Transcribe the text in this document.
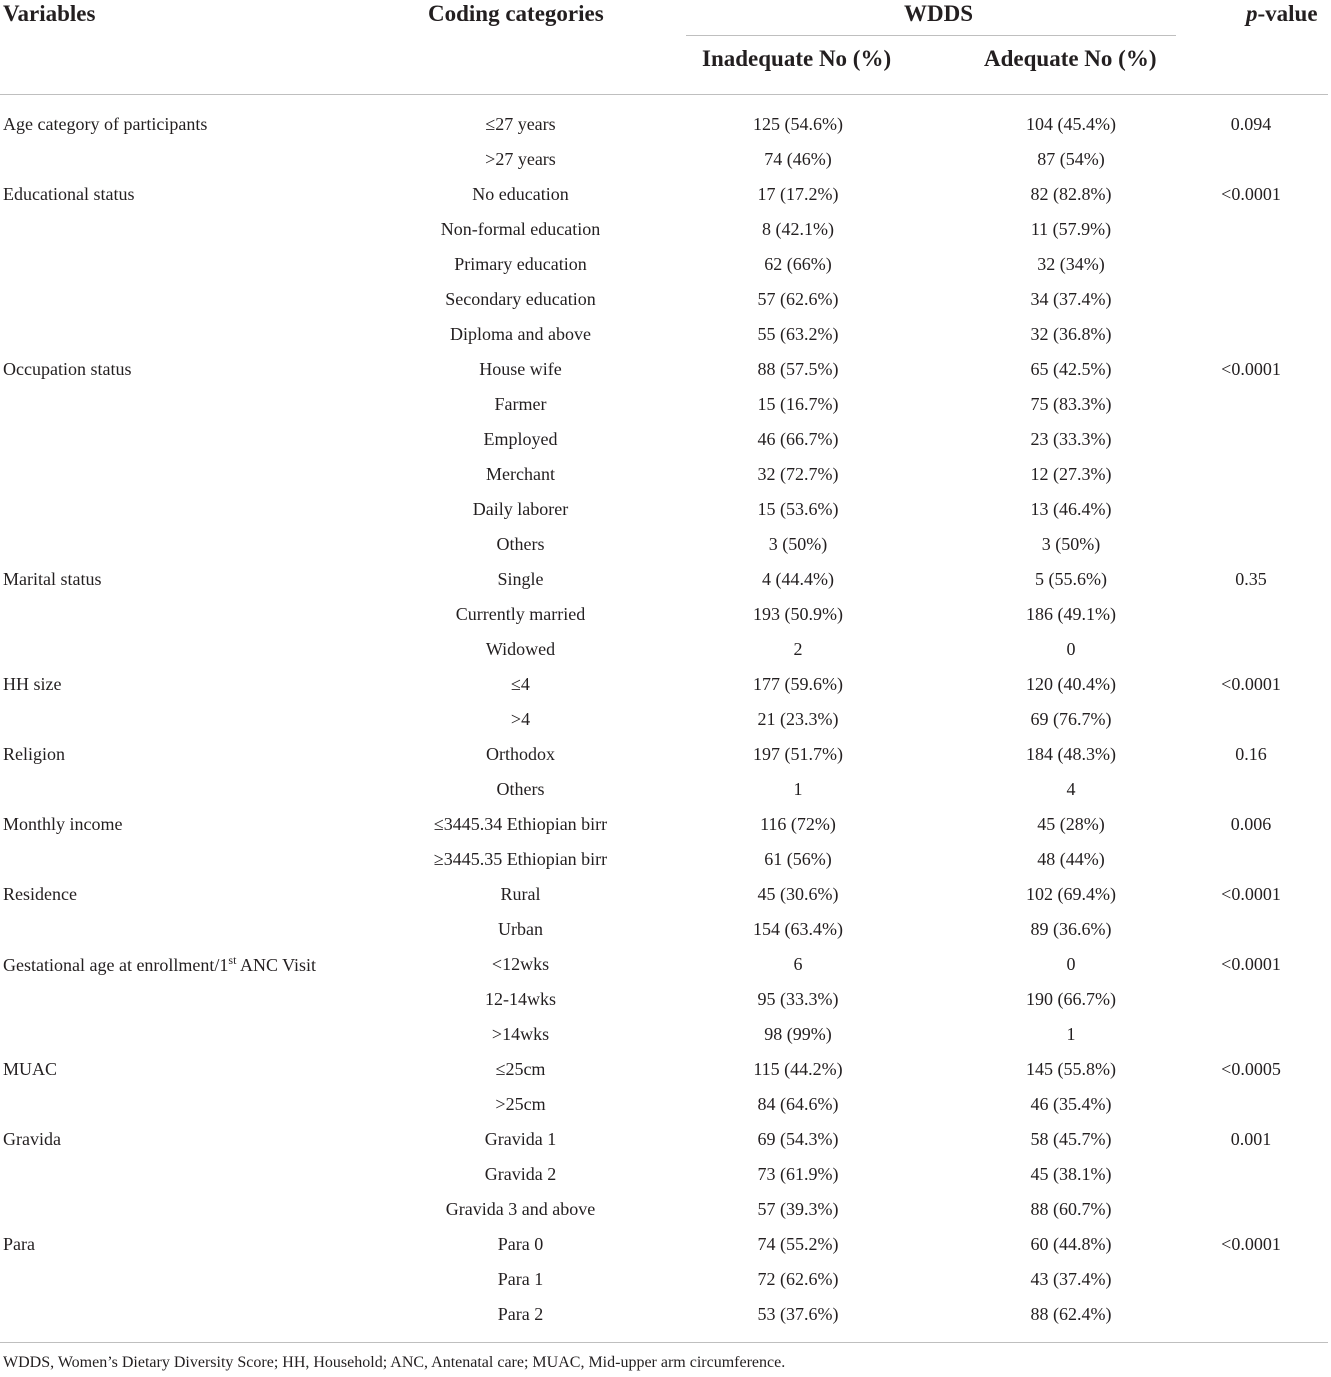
Variables	Coding categories	WDDS	p-value
Inadequate No (%)	Adequate No (%)
Age category of participants	≤27 years	125 (54.6%)	104 (45.4%)	0.094
	>27 years	74 (46%)	87 (54%)	
Educational status	No education	17 (17.2%)	82 (82.8%)	<0.0001
	Non-formal education	8 (42.1%)	11 (57.9%)	
	Primary education	62 (66%)	32 (34%)	
	Secondary education	57 (62.6%)	34 (37.4%)	
	Diploma and above	55 (63.2%)	32 (36.8%)	
Occupation status	House wife	88 (57.5%)	65 (42.5%)	<0.0001
	Farmer	15 (16.7%)	75 (83.3%)	
	Employed	46 (66.7%)	23 (33.3%)	
	Merchant	32 (72.7%)	12 (27.3%)	
	Daily laborer	15 (53.6%)	13 (46.4%)	
	Others	3 (50%)	3 (50%)	
Marital status	Single	4 (44.4%)	5 (55.6%)	0.35
	Currently married	193 (50.9%)	186 (49.1%)	
	Widowed	2	0	
HH size	≤4	177 (59.6%)	120 (40.4%)	<0.0001
	>4	21 (23.3%)	69 (76.7%)	
Religion	Orthodox	197 (51.7%)	184 (48.3%)	0.16
	Others	1	4	
Monthly income	≤3445.34 Ethiopian birr	116 (72%)	45 (28%)	0.006
	≥3445.35 Ethiopian birr	61 (56%)	48 (44%)	
Residence	Rural	45 (30.6%)	102 (69.4%)	<0.0001
	Urban	154 (63.4%)	89 (36.6%)	
Gestational age at enrollment/1st ANC Visit	<12wks	6	0	<0.0001
	12-14wks	95 (33.3%)	190 (66.7%)	
	>14wks	98 (99%)	1	
MUAC	≤25cm	115 (44.2%)	145 (55.8%)	<0.0005
	>25cm	84 (64.6%)	46 (35.4%)	
Gravida	Gravida 1	69 (54.3%)	58 (45.7%)	0.001
	Gravida 2	73 (61.9%)	45 (38.1%)	
	Gravida 3 and above	57 (39.3%)	88 (60.7%)	
Para	Para 0	74 (55.2%)	60 (44.8%)	<0.0001
	Para 1	72 (62.6%)	43 (37.4%)	
	Para 2	53 (37.6%)	88 (62.4%)	
WDDS, Women’s Dietary Diversity Score; HH, Household; ANC, Antenatal care; MUAC, Mid-upper arm circumference.
